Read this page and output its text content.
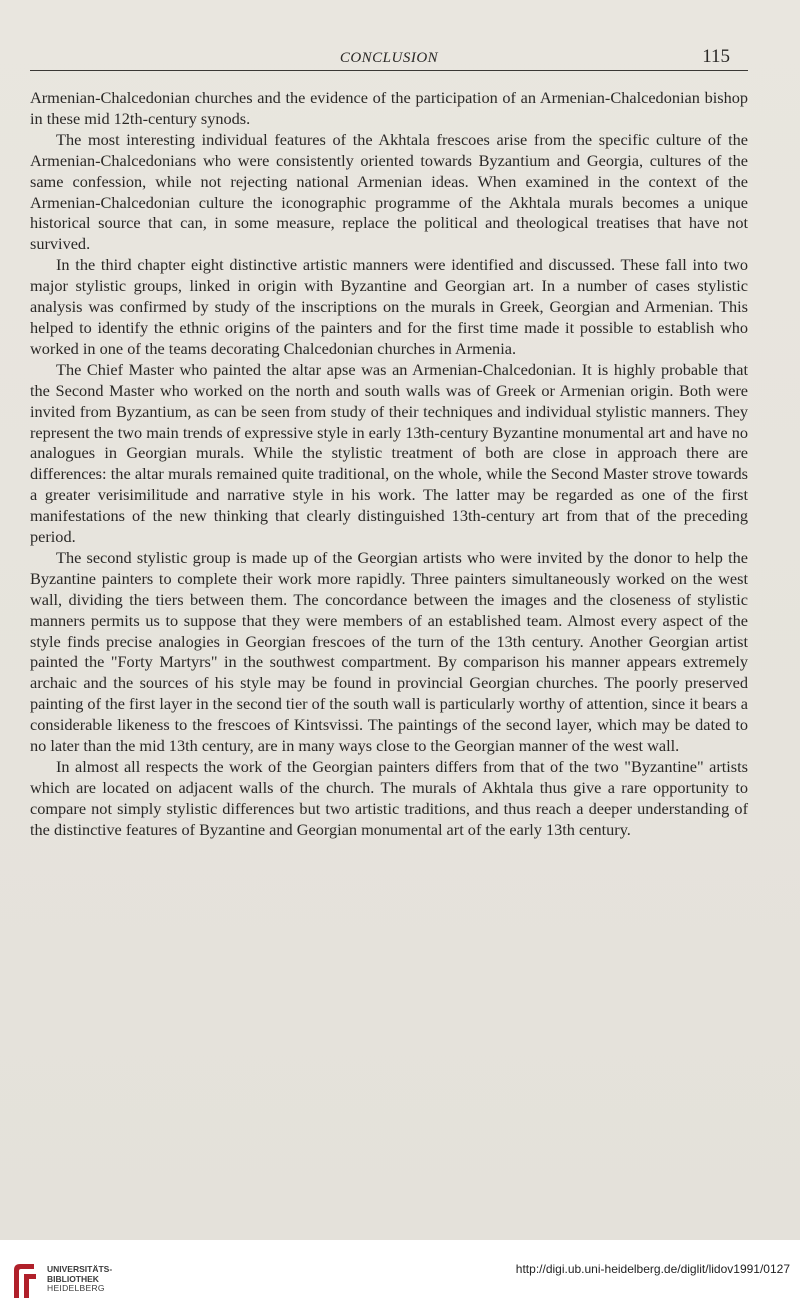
CONCLUSION	115

Armenian-Chalcedonian churches and the evidence of the participation of an Armenian-Chalcedonian bishop in these mid 12th-century synods.

The most interesting individual features of the Akhtala frescoes arise from the specific culture of the Armenian-Chalcedonians who were consistently oriented towards Byzantium and Georgia, cultures of the same confession, while not rejecting national Armenian ideas. When examined in the context of the Armenian-Chalcedonian culture the iconographic programme of the Akhtala murals becomes a unique historical source that can, in some measure, replace the political and theological treatises that have not survived.

In the third chapter eight distinctive artistic manners were identified and discussed. These fall into two major stylistic groups, linked in origin with Byzantine and Georgian art. In a number of cases stylistic analysis was confirmed by study of the inscriptions on the murals in Greek, Georgian and Armenian. This helped to identify the ethnic origins of the painters and for the first time made it possible to establish who worked in one of the teams decorating Chalcedonian churches in Armenia.

The Chief Master who painted the altar apse was an Armenian-Chalcedonian. It is highly probable that the Second Master who worked on the north and south walls was of Greek or Armenian origin. Both were invited from Byzantium, as can be seen from study of their techniques and individual stylistic manners. They represent the two main trends of expressive style in early 13th-century Byzantine monumental art and have no analogues in Georgian murals. While the stylistic treatment of both are close in approach there are differences: the altar murals remained quite traditional, on the whole, while the Second Master strove towards a greater verisimilitude and narrative style in his work. The latter may be regarded as one of the first manifestations of the new thinking that clearly distinguished 13th-century art from that of the preceding period.

The second stylistic group is made up of the Georgian artists who were invited by the donor to help the Byzantine painters to complete their work more rapidly. Three painters simultaneously worked on the west wall, dividing the tiers between them. The concordance between the images and the closeness of stylistic manners permits us to suppose that they were members of an established team. Almost every aspect of the style finds precise analogies in Georgian frescoes of the turn of the 13th century. Another Georgian artist painted the "Forty Martyrs" in the southwest compartment. By comparison his manner appears extremely archaic and the sources of his style may be found in provincial Georgian churches. The poorly preserved painting of the first layer in the second tier of the south wall is particularly worthy of attention, since it bears a considerable likeness to the frescoes of Kintsvissi. The paintings of the second layer, which may be dated to no later than the mid 13th century, are in many ways close to the Georgian manner of the west wall.

In almost all respects the work of the Georgian painters differs from that of the two "Byzantine" artists which are located on adjacent walls of the church. The murals of Akhtala thus give a rare opportunity to compare not simply stylistic differences but two artistic traditions, and thus reach a deeper understanding of the distinctive features of Byzantine and Georgian monumental art of the early 13th century.

UNIVERSITÄTS-
BIBLIOTHEK
HEIDELBERG
http://digi.ub.uni-heidelberg.de/diglit/lidov1991/0127
